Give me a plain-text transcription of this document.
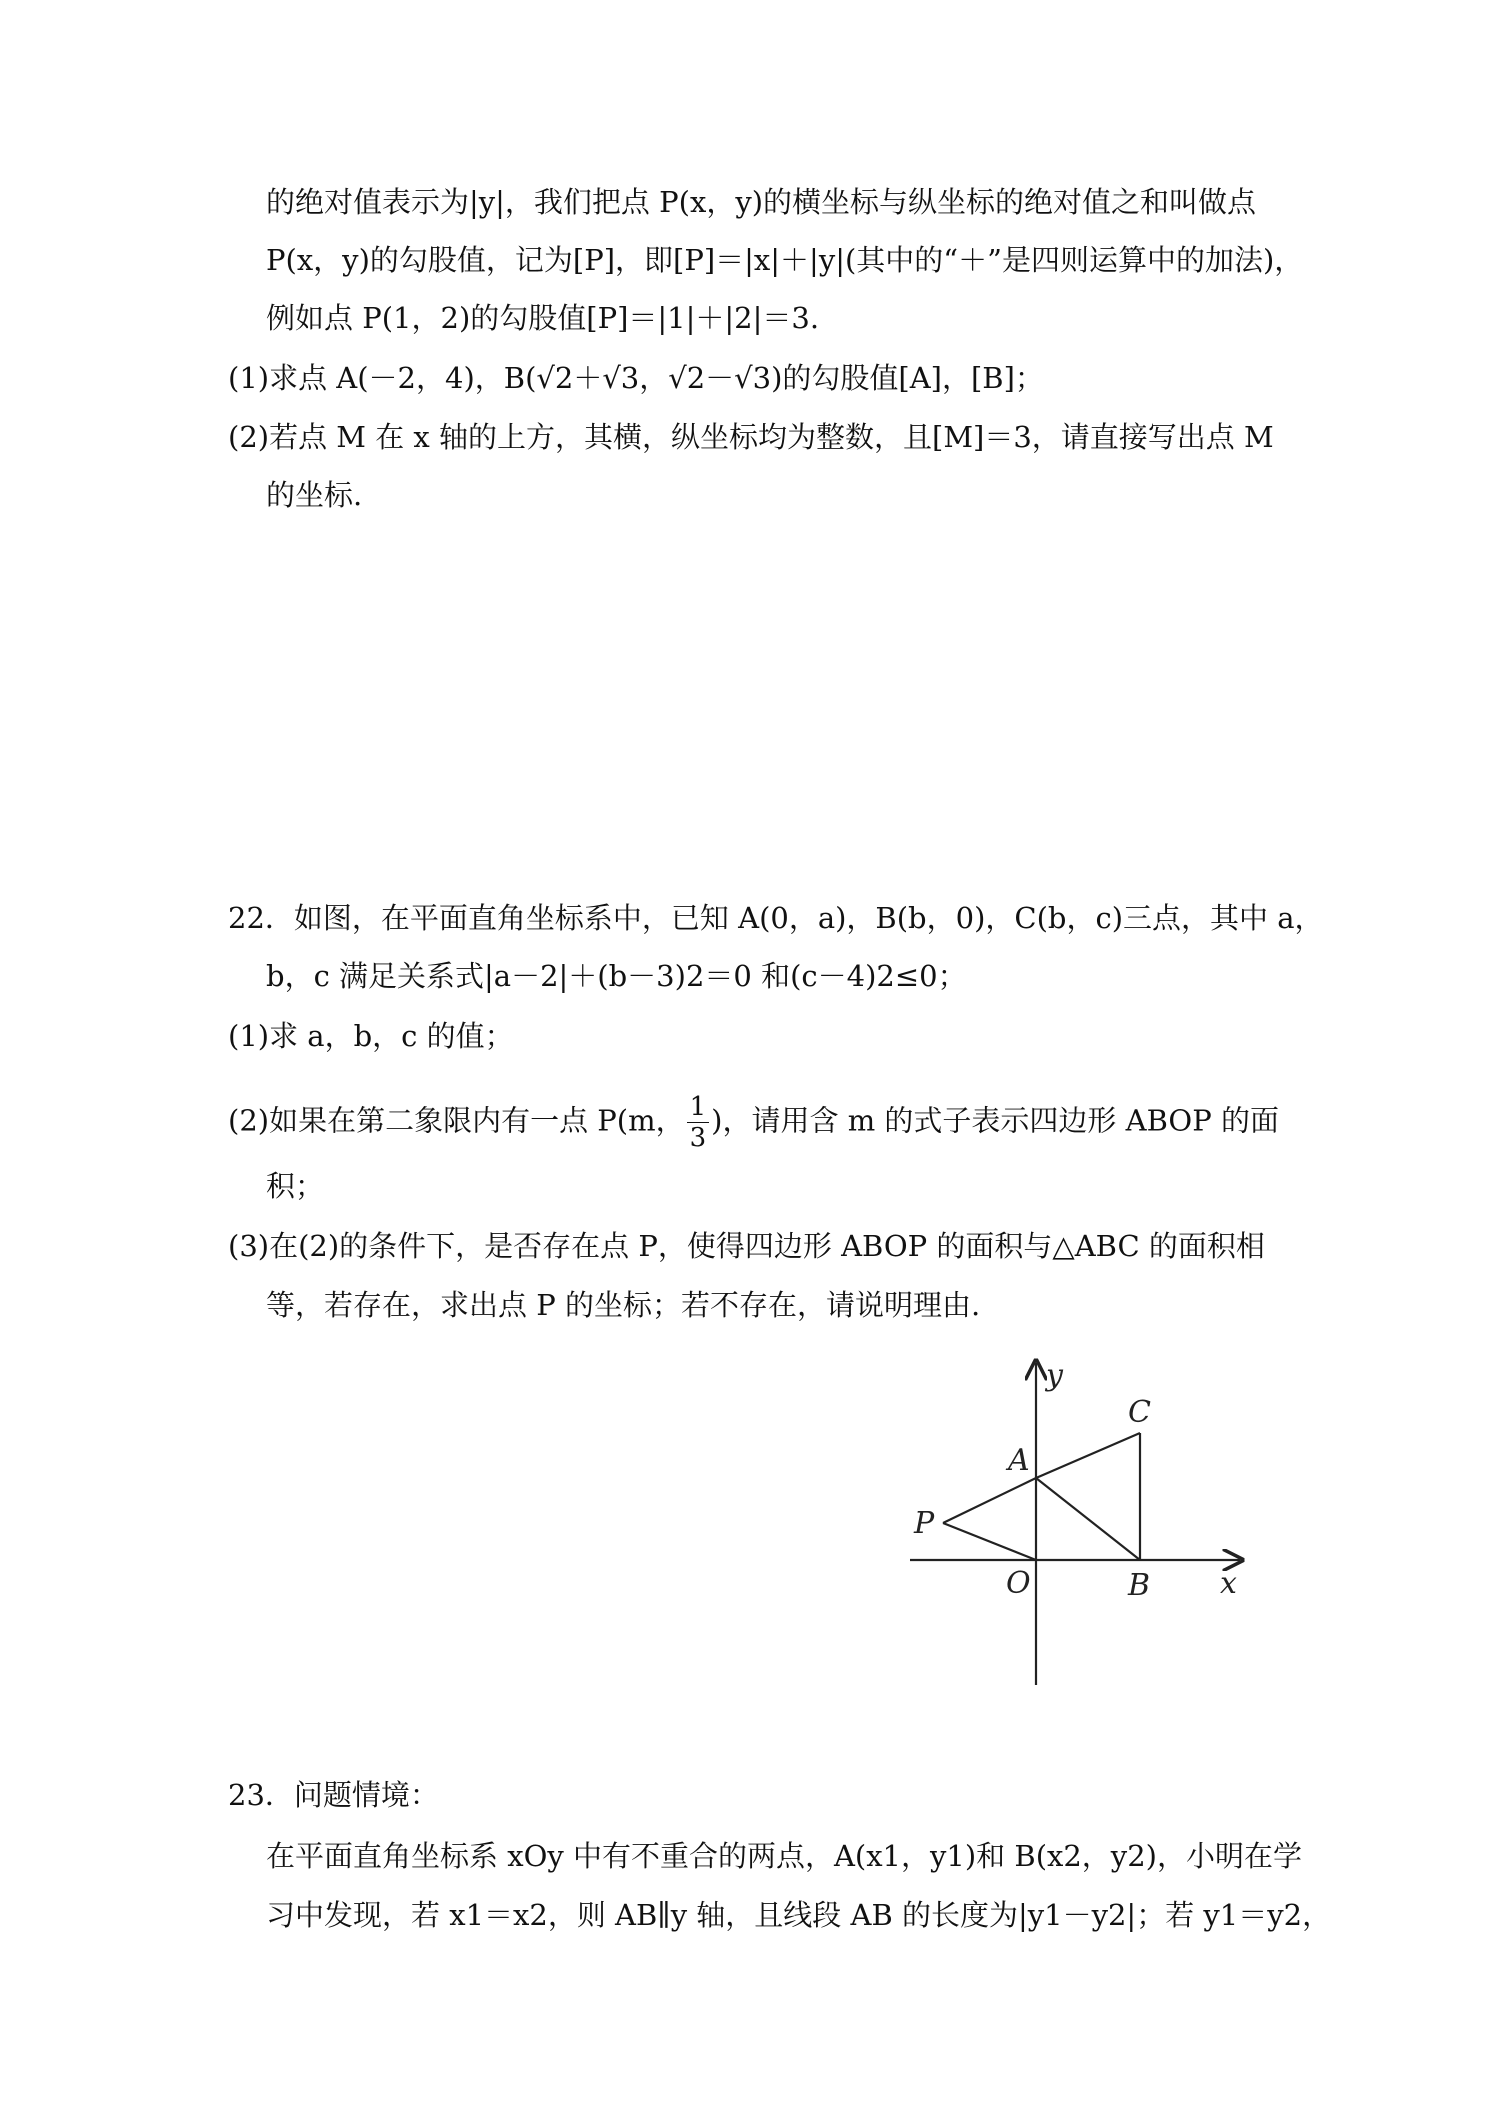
的绝对值表示为|y|，我们把点 P(x，y)的横坐标与纵坐标的绝对值之和叫做点
P(x，y)的勾股值，记为[P]，即[P]＝|x|＋|y|(其中的“＋”是四则运算中的加法)，
例如点 P(1，2)的勾股值[P]＝|1|＋|2|＝3.
(1)求点 A(－2，4)，B(√2＋√3，√2－√3)的勾股值[A]，[B]；
(2)若点 M 在 x 轴的上方，其横，纵坐标均为整数，且[M]＝3，请直接写出点 M
的坐标.
22．如图，在平面直角坐标系中，已知 A(0，a)，B(b，0)，C(b，c)三点，其中 a，
b，c 满足关系式|a－2|＋(b－3)2＝0 和(c－4)2≤0；
(1)求 a，b，c 的值；
(2)如果在第二象限内有一点 P(m， $\frac{1}{3}$ )，请用含 m 的式子表示四边形 ABOP 的面
积；
(3)在(2)的条件下，是否存在点 P，使得四边形 ABOP 的面积与△ABC 的面积相
等，若存在，求出点 P 的坐标；若不存在，请说明理由.
y
C
A
P
O	B x
23．问题情境：
在平面直角坐标系 xOy 中有不重合的两点，A(x1，y1)和 B(x2，y2)，小明在学
习中发现，若 x1＝x2，则 AB∥y 轴，且线段 AB 的长度为|y1－y2|；若 y1＝y2，
